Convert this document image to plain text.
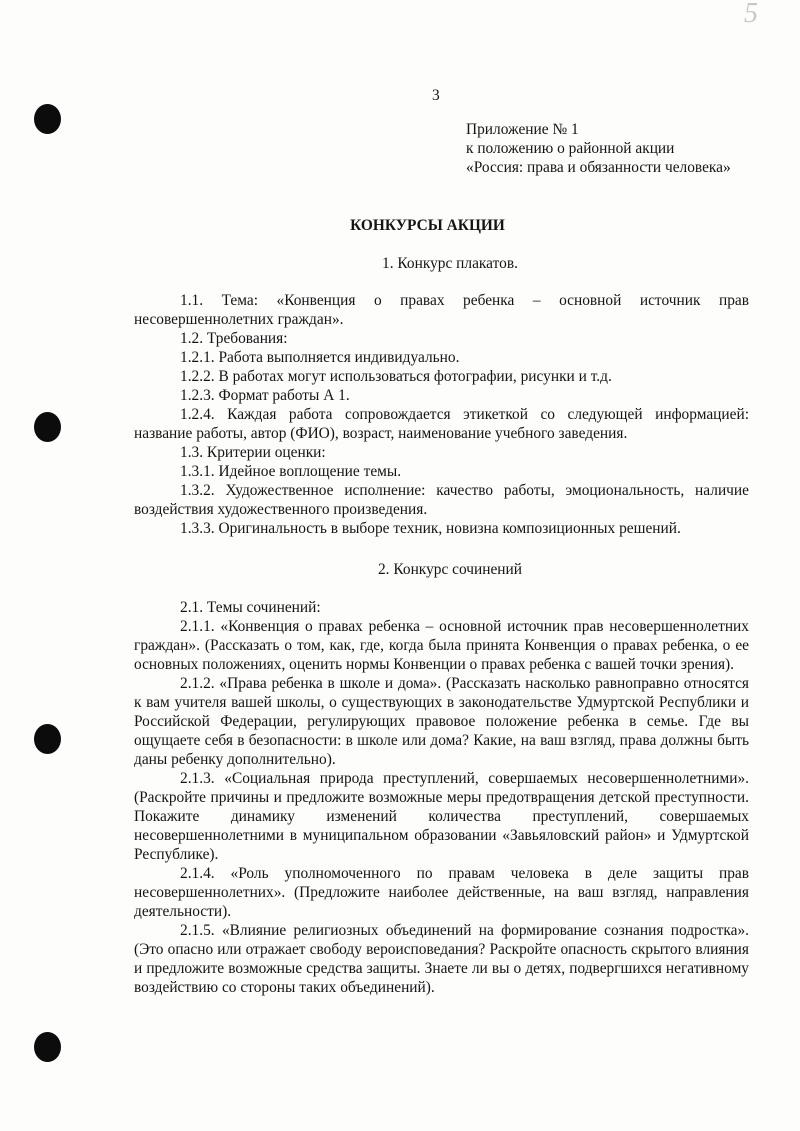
5
3
Приложение № 1
к положению о районной акции
«Россия: права и обязанности человека»
КОНКУРСЫ АКЦИИ
1. Конкурс плакатов.

1.1. Тема: «Конвенция о правах ребенка – основной источник прав несовершеннолетних граждан».

1.2. Требования:

1.2.1. Работа выполняется индивидуально.

1.2.2. В работах могут использоваться фотографии, рисунки и т.д.

1.2.3. Формат работы А 1.

1.2.4. Каждая работа сопровождается этикеткой со следующей информацией: название работы, автор (ФИО), возраст, наименование учебного заведения.

1.3. Критерии оценки:

1.3.1. Идейное воплощение темы.

1.3.2. Художественное исполнение: качество работы, эмоциональность, наличие воздействия художественного произведения.

1.3.3. Оригинальность в выборе техник, новизна композиционных решений.

2. Конкурс сочинений

2.1. Темы сочинений:

2.1.1. «Конвенция о правах ребенка – основной источник прав несовершеннолетних граждан». (Рассказать о том, как, где, когда была принята Конвенция о правах ребенка, о ее основных положениях, оценить нормы Конвенции о правах ребенка с вашей точки зрения).

2.1.2. «Права ребенка в школе и дома». (Рассказать насколько равноправно относятся к вам учителя вашей школы, о существующих в законодательстве Удмуртской Республики и Российской Федерации, регулирующих правовое положение ребенка в семье. Где вы ощущаете себя в безопасности: в школе или дома? Какие, на ваш взгляд, права должны быть даны ребенку дополнительно).

2.1.3. «Социальная природа преступлений, совершаемых несовершеннолетними». (Раскройте причины и предложите возможные меры предотвращения детской преступности. Покажите динамику изменений количества преступлений, совершаемых несовершеннолетними в муниципальном образовании «Завьяловский район» и Удмуртской Республике).

2.1.4. «Роль уполномоченного по правам человека в деле защиты прав несовершеннолетних». (Предложите наиболее действенные, на ваш взгляд, направления деятельности).

2.1.5. «Влияние религиозных объединений на формирование сознания подростка». (Это опасно или отражает свободу вероисповедания? Раскройте опасность скрытого влияния и предложите возможные средства защиты. Знаете ли вы о детях, подвергшихся негативному воздействию со стороны таких объединений).
